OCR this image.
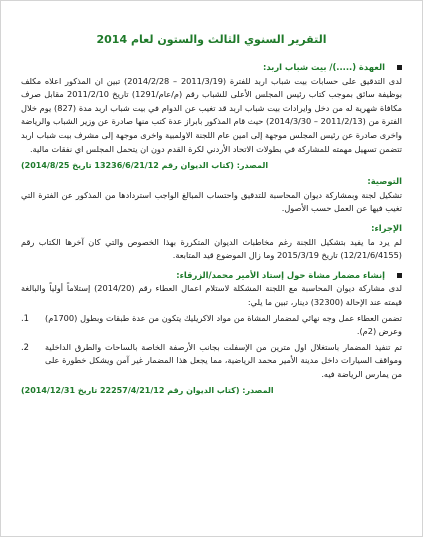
التقرير السنوي الثالث والستون لعام 2014

العهدة (.....)/ بيت شباب اربد:

لدى التدقيق على حسابات بيت شباب اربد للفترة (2011/3/19 – 2014/2/28) تبين ان المذكور اعلاه مكلف بوظيفة سائق بموجب كتاب رئيس المجلس الأعلى للشباب رقم (م/عام/1291) تاريخ 2011/2/10 مقابل صرف مكافاة شهرية له من دخل وايرادات بيت شباب اربد قد تغيب عن الدوام في بيت شباب اربد مدة (827) يوم خلال الفترة من (2011/2/13 – 2014/3/30) حيث قام المذكور بابراز عدة كتب منها صادرة عن وزير الشباب والرياضة واخرى صادرة عن رئيس المجلس موجهة إلى امين عام اللجنة الاولمبية واخرى موجهة إلى مشرف بيت شباب اربد تتضمن تسهيل مهمته للمشاركة في بطولات الاتحاد الأردني لكرة القدم دون ان يتحمل المجلس اي نفقات مالية.

المصدر: (كتاب الديوان رقم 13236/6/21/12 تاريخ 2014/8/25)

التوصية:

تشكيل لجنة وبمشاركة ديوان المحاسبة للتدقيق واحتساب المبالغ الواجب استردادها من المذكور عن الفترة التي تغيب فيها عن العمل حسب الأصول.

الإجراء:

لم يرد ما يفيد بتشكيل اللجنة رغم مخاطبات الديوان المتكررة بهذا الخصوص والتي كان آخرها الكتاب رقم (12/21/6/4155) تاريخ 2015/3/19 وما زال الموضوع قيد المتابعة.

إنشاء مضمار مشاة حول إستاد الأمير محمد/الزرقاء:

لدى مشاركة ديوان المحاسبة مع اللجنة المشكلة لاستلام اعمال العطاء رقم (2014/20) إستلاماً أولياً والبالغة قيمته عند الإحالة (32300) دينار، تبين ما يلي:

تضمن العطاء عمل وجه نهائي لمضمار المشاة من مواد الاكريليك يتكون من عدة طبقات وبطول (1700م) وعرض (2م).
1.
تم تنفيذ المضمار باستغلال اول مترين من الإسفلت بجانب الأرصفة الخاصة بالساحات والطرق الداخلية ومواقف السيارات داخل مدينة الأمير محمد الرياضية، مما يجعل هذا المضمار غير آمن ويشكل خطورة على من يمارس الرياضة فيه.
2.

المصدر: (كتاب الديوان رقم 22257/4/21/12 تاريخ 2014/12/31)
